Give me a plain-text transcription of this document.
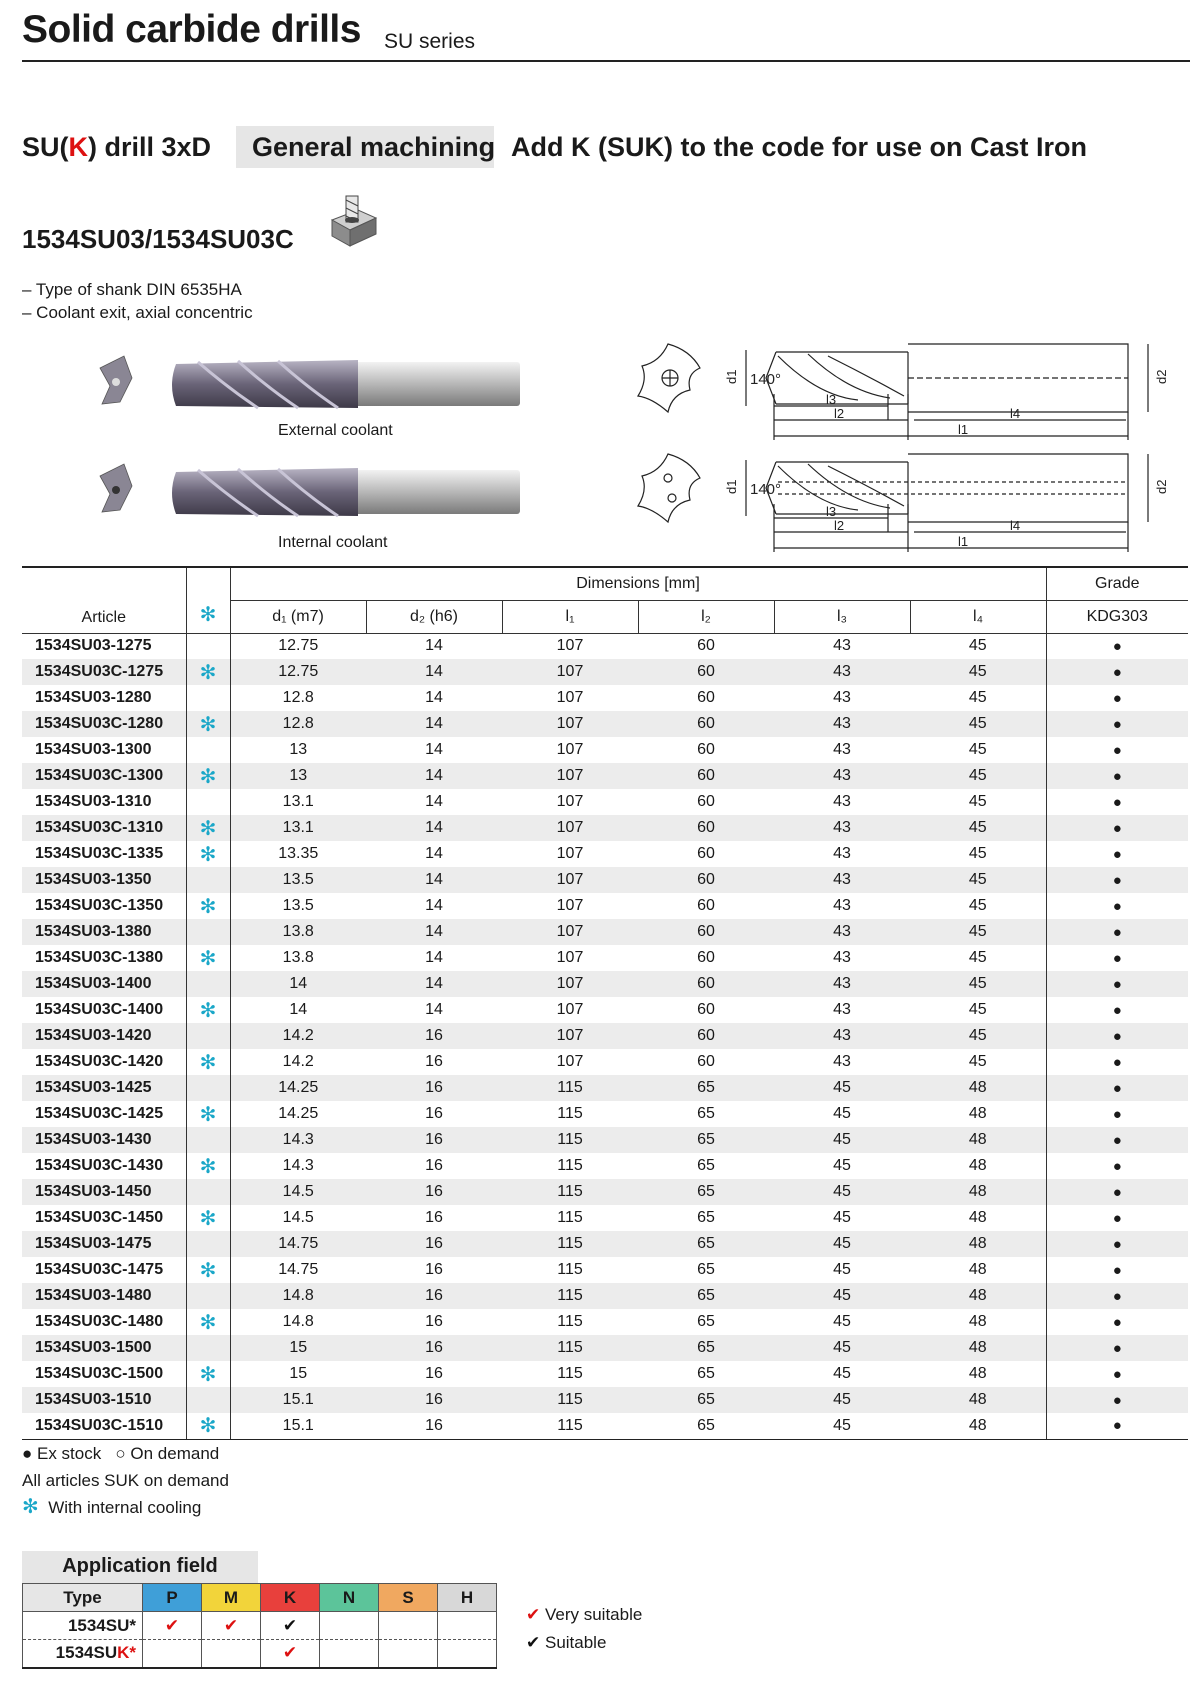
Solid carbide drills SU series
SU(K) drill 3xD	General machining Add K (SUK) to the code for use on Cast Iron
1534SU03/1534SU03C
– Type of shank DIN 6535HA
– Coolant exit, axial concentric
External coolant
Internal coolant
d1 140°
l3
l2	l4
l1
d2
d1 140°
l3
l2	l4
l1
d2
Article	✻	Dimensions [mm]						Grade
		d₁ (m7)	d₂ (h6)	l₁	l₂	l₃	l₄	KDG303
1534SU03-1275		12.75	14	107	60	43	45	●
1534SU03C-1275	✻	12.75	14	107	60	43	45	●
1534SU03-1280		12.8	14	107	60	43	45	●
1534SU03C-1280	✻	12.8	14	107	60	43	45	●
1534SU03-1300		13	14	107	60	43	45	●
1534SU03C-1300	✻	13	14	107	60	43	45	●
1534SU03-1310		13.1	14	107	60	43	45	●
1534SU03C-1310	✻	13.1	14	107	60	43	45	●
1534SU03C-1335	✻	13.35	14	107	60	43	45	●
1534SU03-1350		13.5	14	107	60	43	45	●
1534SU03C-1350	✻	13.5	14	107	60	43	45	●
1534SU03-1380		13.8	14	107	60	43	45	●
1534SU03C-1380	✻	13.8	14	107	60	43	45	●
1534SU03-1400		14	14	107	60	43	45	●
1534SU03C-1400	✻	14	14	107	60	43	45	●
1534SU03-1420		14.2	16	107	60	43	45	●
1534SU03C-1420	✻	14.2	16	107	60	43	45	●
1534SU03-1425		14.25	16	115	65	45	48	●
1534SU03C-1425	✻	14.25	16	115	65	45	48	●
1534SU03-1430		14.3	16	115	65	45	48	●
1534SU03C-1430	✻	14.3	16	115	65	45	48	●
1534SU03-1450		14.5	16	115	65	45	48	●
1534SU03C-1450	✻	14.5	16	115	65	45	48	●
1534SU03-1475		14.75	16	115	65	45	48	●
1534SU03C-1475	✻	14.75	16	115	65	45	48	●
1534SU03-1480		14.8	16	115	65	45	48	●
1534SU03C-1480	✻	14.8	16	115	65	45	48	●
1534SU03-1500		15	16	115	65	45	48	●
1534SU03C-1500	✻	15	16	115	65	45	48	●
1534SU03-1510		15.1	16	115	65	45	48	●
1534SU03C-1510	✻	15.1	16	115	65	45	48	●
● Ex stock ○ On demand
All articles SUK on demand
✻ With internal cooling
Application field
Type	P	M	K	N	S	H
1534SU*	✔	✔	✔			
1534SUK*			✔			
✔ Very suitable
✔ Suitable
